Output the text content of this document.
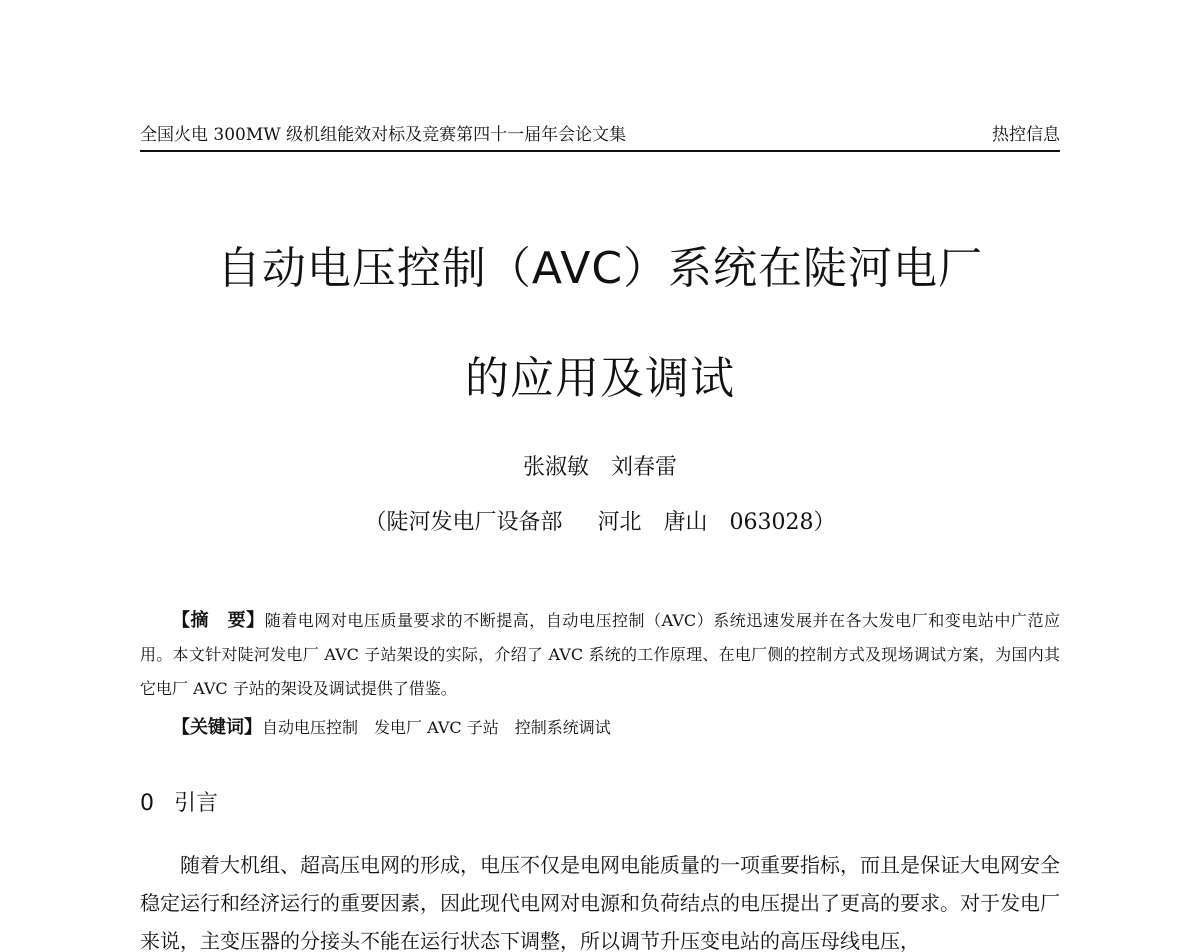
全国火电 300MW 级机组能效对标及竞赛第四十一届年会论文集	热控信息
自动电压控制（AVC）系统在陡河电厂
的应用及调试
张淑敏　刘春雷
（陡河发电厂设备部　 河北　唐山　063028）

【摘　要】随着电网对电压质量要求的不断提高，自动电压控制（AVC）系统迅速发展并在各大发电厂和变电站中广范应用。本文针对陡河发电厂 AVC 子站架设的实际，介绍了 AVC 系统的工作原理、在电厂侧的控制方式及现场调试方案，为国内其它电厂 AVC 子站的架设及调试提供了借鉴。

【关键词】自动电压控制　发电厂 AVC 子站　控制系统调试

0 引言

随着大机组、超高压电网的形成，电压不仅是电网电能质量的一项重要指标，而且是保证大电网安全稳定运行和经济运行的重要因素，因此现代电网对电源和负荷结点的电压提出了更高的要求。对于发电厂来说，主变压器的分接头不能在运行状态下调整，所以调节升压变电站的高压母线电压，
